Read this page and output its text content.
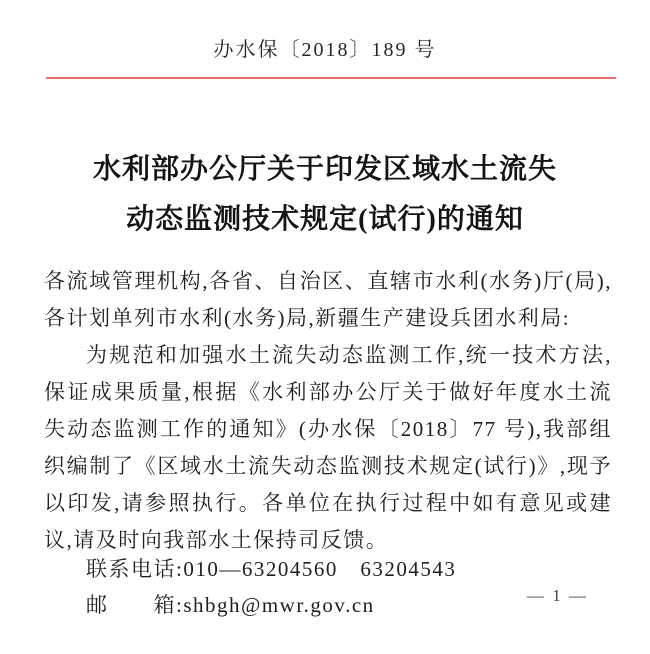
办水保〔2018〕189 号
水利部办公厅关于印发区域水土流失
动态监测技术规定(试行)的通知

各流域管理机构,各省、自治区、直辖市水利(水务)厅(局),各计划单列市水利(水务)局,新疆生产建设兵团水利局:

为规范和加强水土流失动态监测工作,统一技术方法,保证成果质量,根据《水利部办公厅关于做好年度水土流失动态监测工作的通知》(办水保〔2018〕77 号),我部组织编制了《区域水土流失动态监测技术规定(试行)》,现予以印发,请参照执行。各单位在执行过程中如有意见或建议,请及时向我部水土保持司反馈。

联系电话:010—63204560　63204543

邮　　箱:shbgh@mwr.gov.cn	— 1 —
